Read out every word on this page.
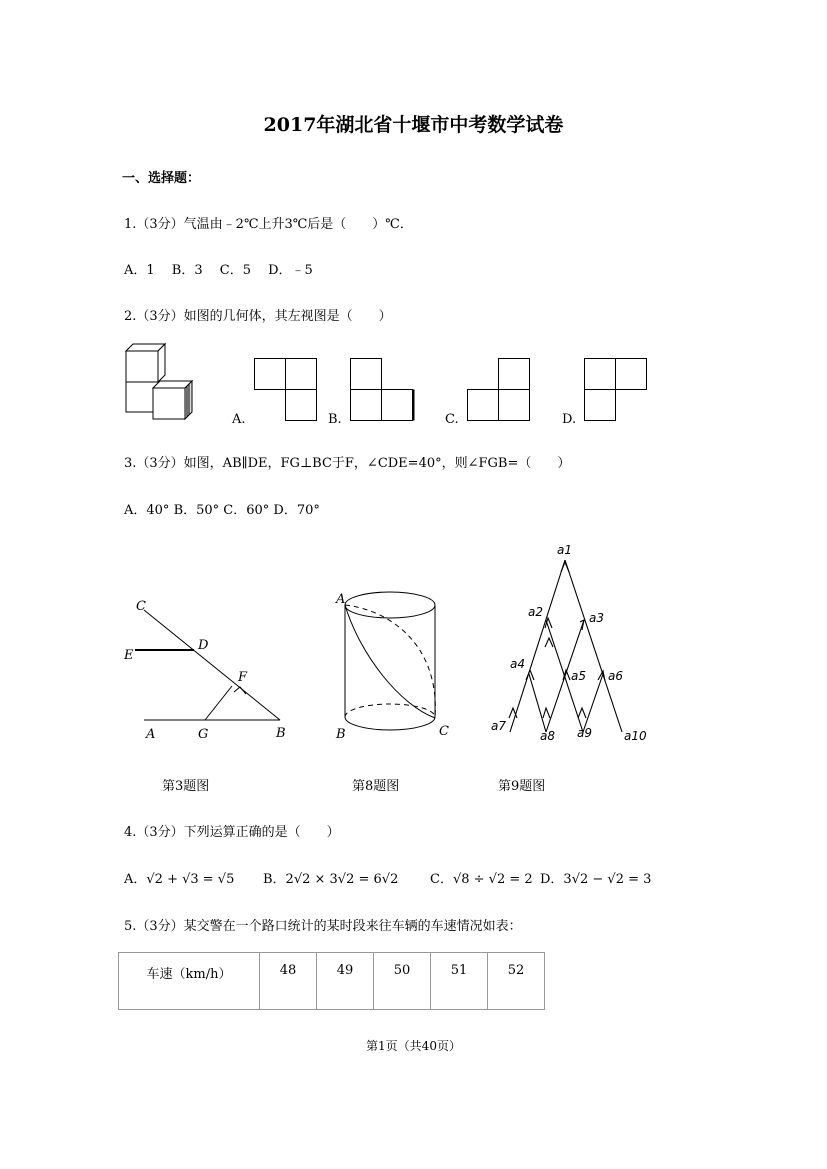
2017年湖北省十堰市中考数学试卷
一、选择题：
1.（3分）气温由﹣2℃上升3℃后是（　　）℃．
A．1　 B．3　 C．5　 D．﹣5
2.（3分）如图的几何体，其左视图是（　　）
A.	B.	C.	D.
3.（3分）如图，AB∥DE，FG⊥BC于F，∠CDE=40°，则∠FGB=（　　）
A．40° B．50° C．60° D．70°
C
E
D
F
A	G	B
第3题图
A
B	C
第8题图
a1
a2	a3
a4
a5 a6
a7
a8 a9	a10
第9题图
4.（3分）下列运算正确的是（　　）
A．√2 + √3 = √5 B．2√2 × 3√2 = 6√2 C．√8 ÷ √2 = 2 D．3√2 − √2 = 3
5.（3分）某交警在一个路口统计的某时段来往车辆的车速情况如表：
车速（km/h）	48	49	50	51	52
第1页（共40页）
